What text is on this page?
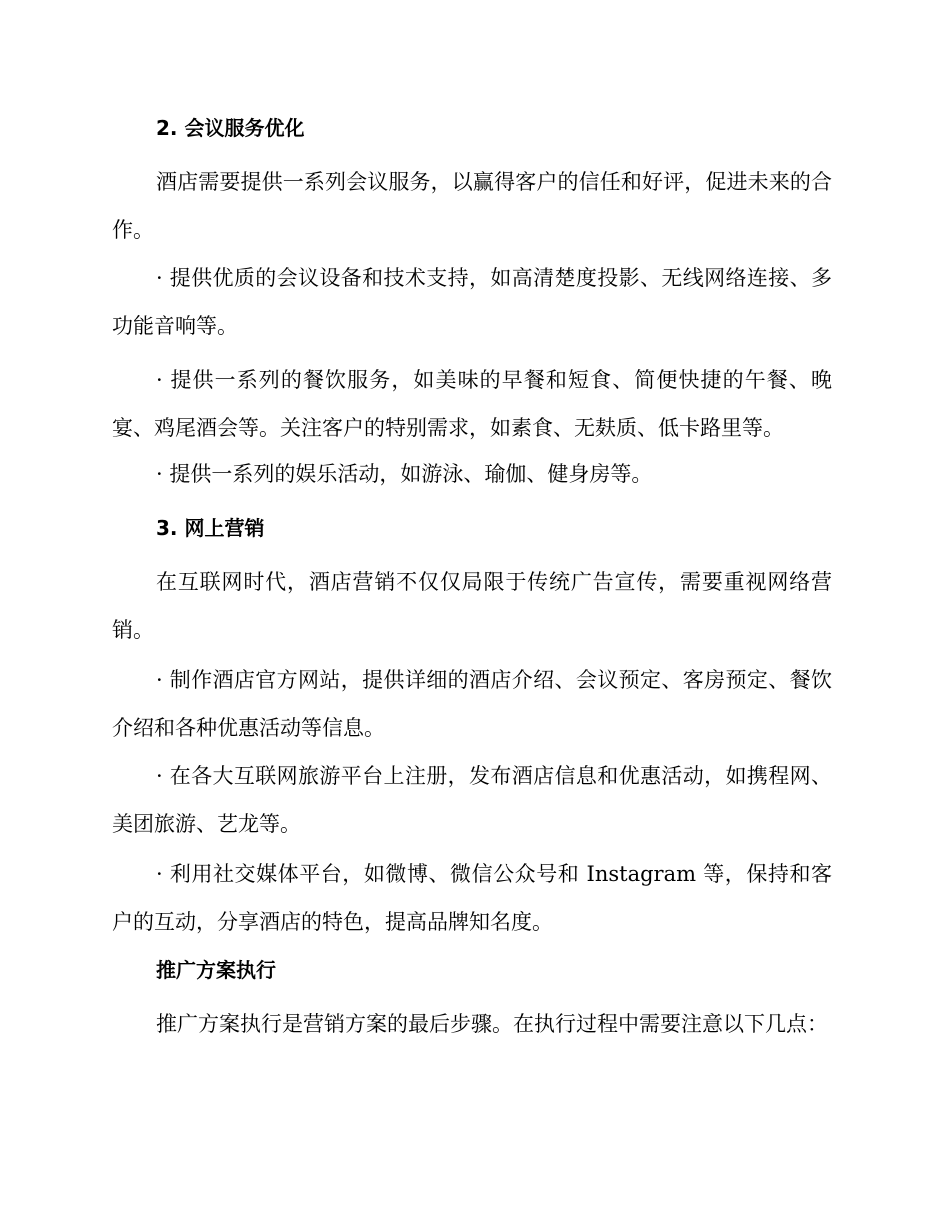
2. 会议服务优化

酒店需要提供一系列会议服务，以赢得客户的信任和好评，促进未来的合作。

· 提供优质的会议设备和技术支持，如高清楚度投影、无线网络连接、多功能音响等。

· 提供一系列的餐饮服务，如美味的早餐和短食、简便快捷的午餐、晚宴、鸡尾酒会等。关注客户的特别需求，如素食、无麸质、低卡路里等。

· 提供一系列的娱乐活动，如游泳、瑜伽、健身房等。

3. 网上营销

在互联网时代，酒店营销不仅仅局限于传统广告宣传，需要重视网络营销。

· 制作酒店官方网站，提供详细的酒店介绍、会议预定、客房预定、餐饮介绍和各种优惠活动等信息。

· 在各大互联网旅游平台上注册，发布酒店信息和优惠活动，如携程网、美团旅游、艺龙等。

· 利用社交媒体平台，如微博、微信公众号和 Instagram 等，保持和客户的互动，分享酒店的特色，提高品牌知名度。

推广方案执行

推广方案执行是营销方案的最后步骤。在执行过程中需要注意以下几点：
